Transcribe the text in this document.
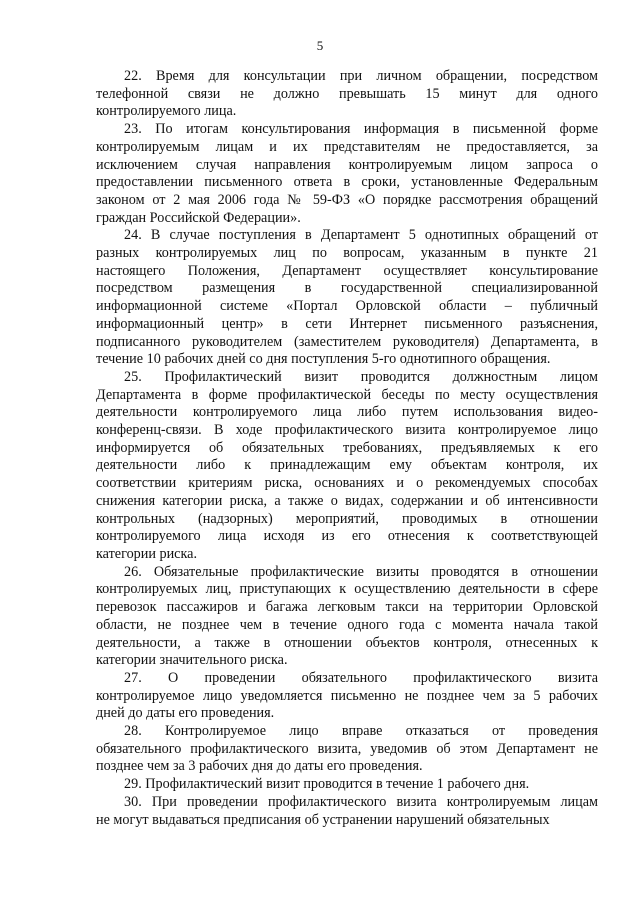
5
22. Время для консультации при личном обращении, посредством
телефонной связи не должно превышать 15 минут для одного
контролируемого лица.
23. По итогам консультирования информация в письменной форме
контролируемым лицам и их представителям не предоставляется, за
исключением случая направления контролируемым лицом запроса о
предоставлении письменного ответа в сроки, установленные Федеральным
законом от 2 мая 2006 года № 59-ФЗ «О порядке рассмотрения обращений
граждан Российской Федерации».
24. В случае поступления в Департамент 5 однотипных обращений от
разных контролируемых лиц по вопросам, указанным в пункте 21
настоящего Положения, Департамент осуществляет консультирование
посредством размещения в государственной специализированной
информационной системе «Портал Орловской области – публичный
информационный центр» в сети Интернет письменного разъяснения,
подписанного руководителем (заместителем руководителя) Департамента, в
течение 10 рабочих дней со дня поступления 5-го однотипного обращения.
25. Профилактический визит проводится должностным лицом
Департамента в форме профилактической беседы по месту осуществления
деятельности контролируемого лица либо путем использования видео-
конференц-связи. В ходе профилактического визита контролируемое лицо
информируется об обязательных требованиях, предъявляемых к его
деятельности либо к принадлежащим ему объектам контроля, их
соответствии критериям риска, основаниях и о рекомендуемых способах
снижения категории риска, а также о видах, содержании и об интенсивности
контрольных (надзорных) мероприятий, проводимых в отношении
контролируемого лица исходя из его отнесения к соответствующей
категории риска.
26. Обязательные профилактические визиты проводятся в отношении
контролируемых лиц, приступающих к осуществлению деятельности в сфере
перевозок пассажиров и багажа легковым такси на территории Орловской
области, не позднее чем в течение одного года с момента начала такой
деятельности, а также в отношении объектов контроля, отнесенных к
категории значительного риска.
27. О проведении обязательного профилактического визита
контролируемое лицо уведомляется письменно не позднее чем за 5 рабочих
дней до даты его проведения.
28. Контролируемое лицо вправе отказаться от проведения
обязательного профилактического визита, уведомив об этом Департамент не
позднее чем за 3 рабочих дня до даты его проведения.
29. Профилактический визит проводится в течение 1 рабочего дня.
30. При проведении профилактического визита контролируемым лицам
не могут выдаваться предписания об устранении нарушений обязательных
